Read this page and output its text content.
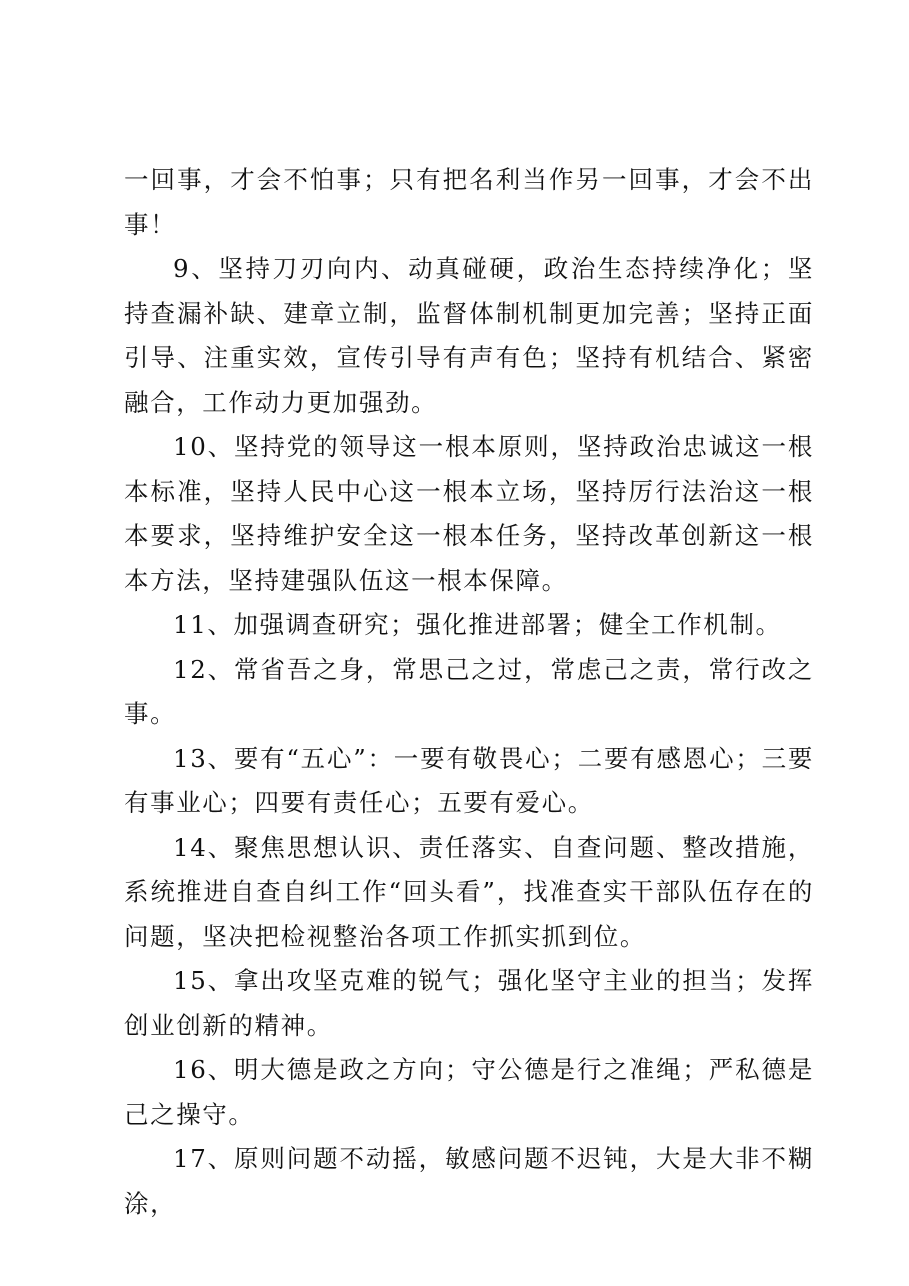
一回事，才会不怕事；只有把名利当作另一回事，才会不出事！

9、坚持刀刃向内、动真碰硬，政治生态持续净化；坚持查漏补缺、建章立制，监督体制机制更加完善；坚持正面引导、注重实效，宣传引导有声有色；坚持有机结合、紧密融合，工作动力更加强劲。

10、坚持党的领导这一根本原则，坚持政治忠诚这一根本标准，坚持人民中心这一根本立场，坚持厉行法治这一根本要求，坚持维护安全这一根本任务，坚持改革创新这一根本方法，坚持建强队伍这一根本保障。

11、加强调查研究；强化推进部署；健全工作机制。

12、常省吾之身，常思己之过，常虑己之责，常行改之事。

13、要有“五心”：一要有敬畏心；二要有感恩心；三要有事业心；四要有责任心；五要有爱心。

14、聚焦思想认识、责任落实、自查问题、整改措施，系统推进自查自纠工作“回头看”，找准查实干部队伍存在的问题，坚决把检视整治各项工作抓实抓到位。

15、拿出攻坚克难的锐气；强化坚守主业的担当；发挥创业创新的精神。

16、明大德是政之方向；守公德是行之准绳；严私德是己之操守。

17、原则问题不动摇，敏感问题不迟钝，大是大非不糊涂，
